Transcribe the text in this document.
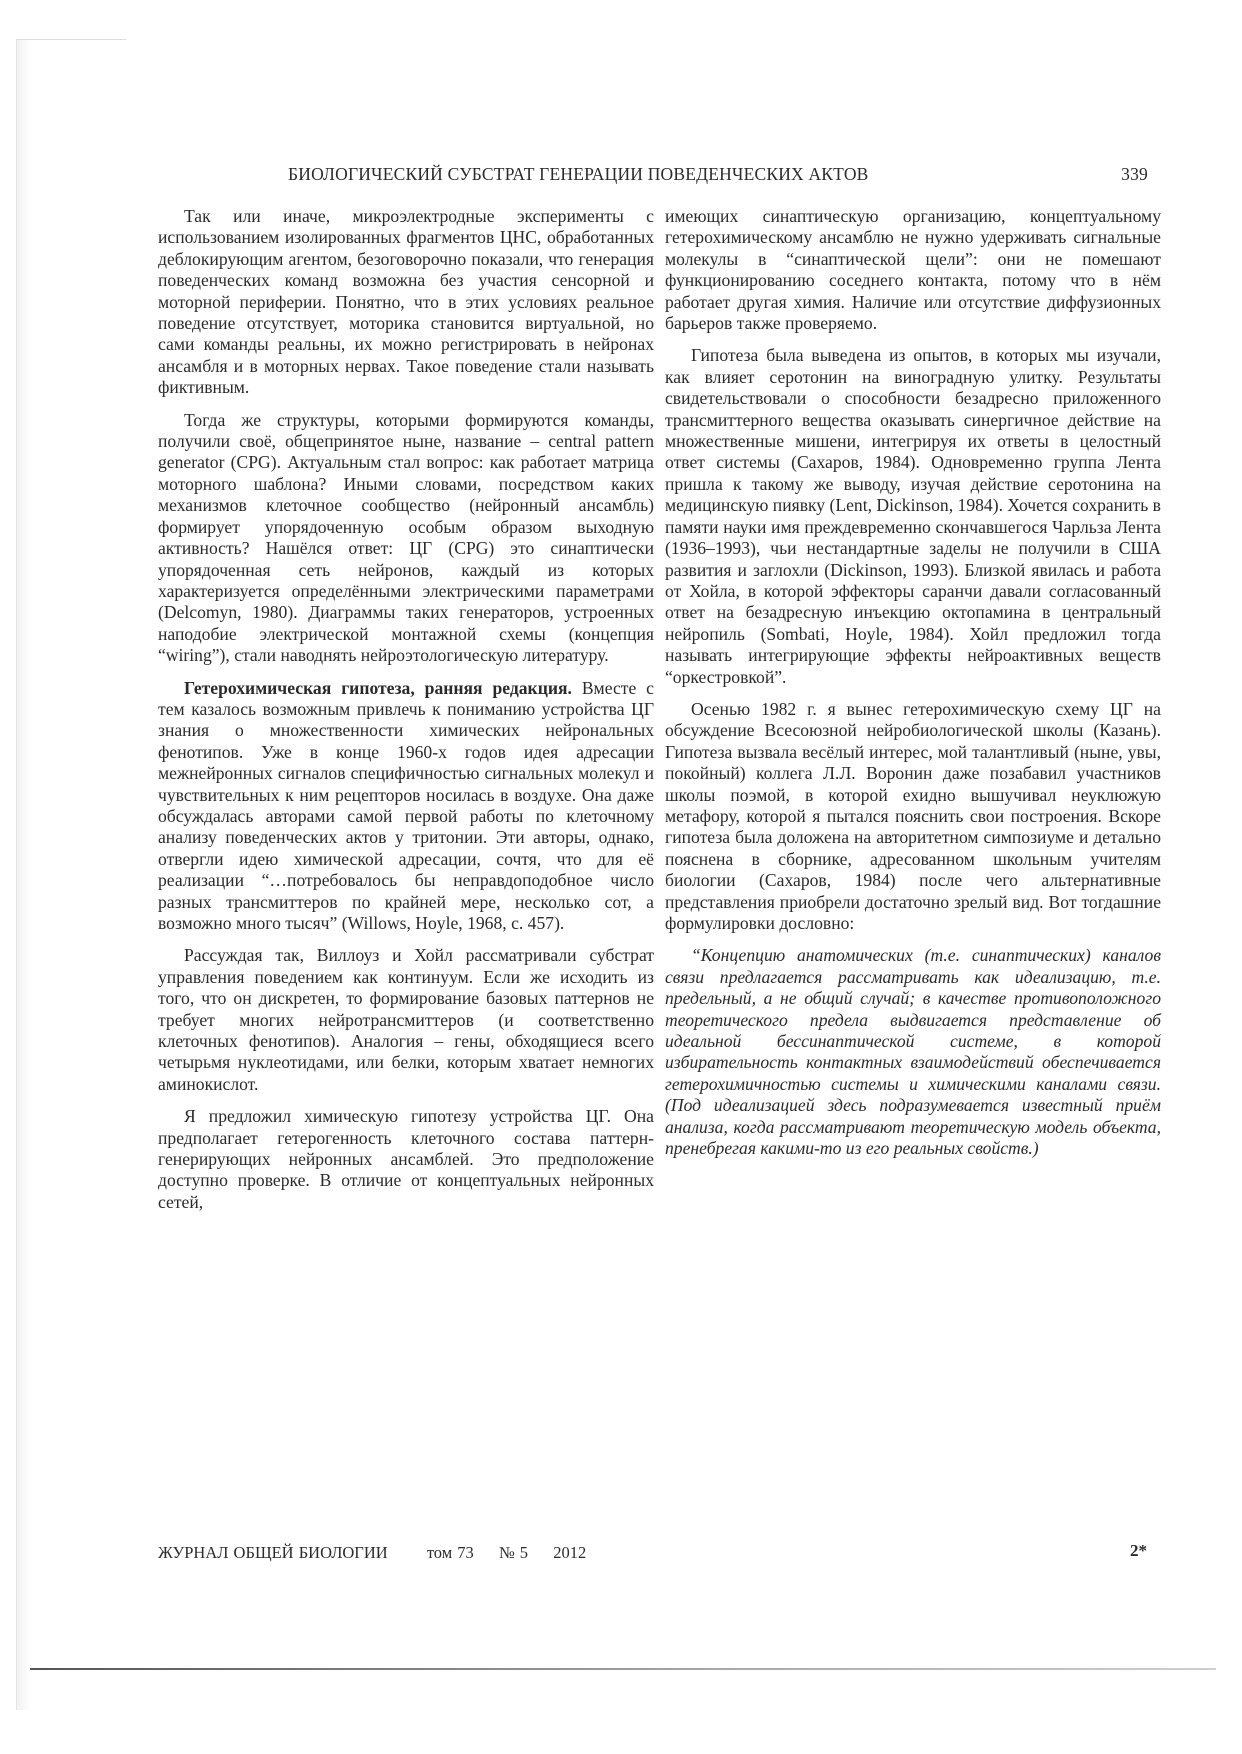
БИОЛОГИЧЕСКИЙ СУБСТРАТ ГЕНЕРАЦИИ ПОВЕДЕНЧЕСКИХ АКТОВ	339

Так или иначе, микроэлектродные эксперименты с использованием изолированных фрагментов ЦНС, обработанных деблокирующим агентом, безоговорочно показали, что генерация поведенческих команд возможна без участия сенсорной и моторной периферии. Понятно, что в этих условиях реальное поведение отсутствует, моторика становится виртуальной, но сами команды реальны, их можно регистрировать в нейронах ансамбля и в моторных нервах. Такое поведение стали называть фиктивным.

Тогда же структуры, которыми формируются команды, получили своё, общепринятое ныне, название – central pattern generator (CPG). Актуальным стал вопрос: как работает матрица моторного шаблона? Иными словами, посредством каких механизмов клеточное сообщество (нейронный ансамбль) формирует упорядоченную особым образом выходную активность? Нашёлся ответ: ЦГ (CPG) это синаптически упорядоченная сеть нейронов, каждый из которых характеризуется определёнными электрическими параметрами (Delcomyn, 1980). Диаграммы таких генераторов, устроенных наподобие электрической монтажной схемы (концепция “wiring”), стали наводнять нейроэтологическую литературу.

Гетерохимическая гипотеза, ранняя редакция. Вместе с тем казалось возможным привлечь к пониманию устройства ЦГ знания о множественности химических нейрональных фенотипов. Уже в конце 1960-х годов идея адресации межнейронных сигналов специфичностью сигнальных молекул и чувствительных к ним рецепторов носилась в воздухе. Она даже обсуждалась авторами самой первой работы по клеточному анализу поведенческих актов у тритонии. Эти авторы, однако, отвергли идею химической адресации, сочтя, что для её реализации “…потребовалось бы неправдоподобное число разных трансмиттеров по крайней мере, несколько сот, а возможно много тысяч” (Willows, Hoyle, 1968, с. 457).

Рассуждая так, Виллоуз и Хойл рассматривали субстрат управления поведением как континуум. Если же исходить из того, что он дискретен, то формирование базовых паттернов не требует многих нейротрансмиттеров (и соответственно клеточных фенотипов). Аналогия – гены, обходящиеся всего четырьмя нуклеотидами, или белки, которым хватает немногих аминокислот.

Я предложил химическую гипотезу устройства ЦГ. Она предполагает гетерогенность клеточного состава паттерн-генерирующих нейронных ансамблей. Это предположение доступно проверке. В отличие от концептуальных нейронных сетей,

имеющих синаптическую организацию, концептуальному гетерохимическому ансамблю не нужно удерживать сигнальные молекулы в “синаптической щели”: они не помешают функционированию соседнего контакта, потому что в нём работает другая химия. Наличие или отсутствие диффузионных барьеров также проверяемо.

Гипотеза была выведена из опытов, в которых мы изучали, как влияет серотонин на виноградную улитку. Результаты свидетельствовали о способности безадресно приложенного трансмиттерного вещества оказывать синергичное действие на множественные мишени, интегрируя их ответы в целостный ответ системы (Сахаров, 1984). Одновременно группа Лента пришла к такому же выводу, изучая действие серотонина на медицинскую пиявку (Lent, Dickinson, 1984). Хочется сохранить в памяти науки имя преждевременно скончавшегося Чарльза Лента (1936–1993), чьи нестандартные заделы не получили в США развития и заглохли (Dickinson, 1993). Близкой явилась и работа от Хойла, в которой эффекторы саранчи давали согласованный ответ на безадресную инъекцию октопамина в центральный нейропиль (Sombati, Hoyle, 1984). Хойл предложил тогда называть интегрирующие эффекты нейроактивных веществ “оркестровкой”.

Осенью 1982 г. я вынес гетерохимическую схему ЦГ на обсуждение Всесоюзной нейробиологической школы (Казань). Гипотеза вызвала весёлый интерес, мой талантливый (ныне, увы, покойный) коллега Л.Л. Воронин даже позабавил участников школы поэмой, в которой ехидно вышучивал неуклюжую метафору, которой я пытался пояснить свои построения. Вскоре гипотеза была доложена на авторитетном симпозиуме и детально пояснена в сборнике, адресованном школьным учителям биологии (Сахаров, 1984) после чего альтернативные представления приобрели достаточно зрелый вид. Вот тогдашние формулировки дословно:

“Концепцию анатомических (т.е. синаптических) каналов связи предлагается рассматривать как идеализацию, т.е. предельный, а не общий случай; в качестве противоположного теоретического предела выдвигается представление об идеальной бессинаптической системе, в которой избирательность контактных взаимодействий обеспечивается гетерохимичностью системы и химическими каналами связи. (Под идеализацией здесь подразумевается известный приём анализа, когда рассматривают теоретическую модель объекта, пренебрегая какими-то из его реальных свойств.)

ЖУРНАЛ ОБЩЕЙ БИОЛОГИИ том 73 № 5 2012	2*
